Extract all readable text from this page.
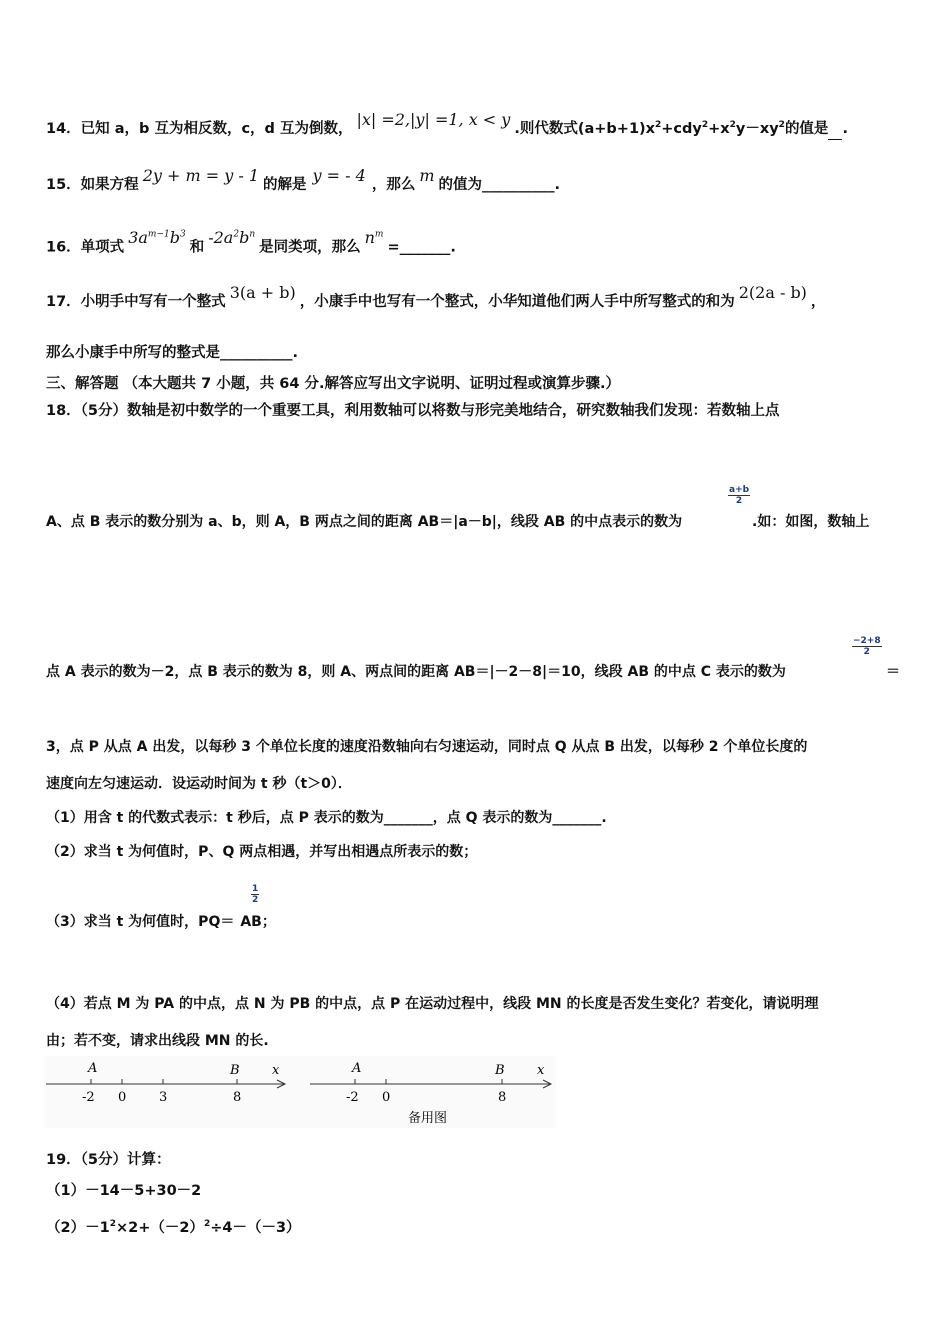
14．已知 a，b 互为相反数，c，d 互为倒数， |x| =2,|y| =1, x < y .则代数式$(a+b+1)x^2+cdy^2+x^2y-xy^2$的值是 .
15．如果方程 2y + m = y - 1 的解是 y = - 4 ，那么 m 的值为__________.
16．单项式 $3a^{m-1}b^3$和 $-2a^2b^n$是同类项，那么 $n^m=\_\_\_\_\_\_\_$.
17．小明手中写有一个整式 3(a + b) ，小康手中也写有一个整式，小华知道他们两人手中所写整式的和为 2(2a - b) ，
那么小康手中所写的整式是__________.
三、解答题 （本大题共 7 小题，共 64 分.解答应写出文字说明、证明过程或演算步骤.）
18．（5分）数轴是初中数学的一个重要工具，利用数轴可以将数与形完美地结合，研究数轴我们发现：若数轴上点
A、点 B 表示的数分别为 a、b，则 A，B 两点之间的距离 AB＝|a－b|，线段 AB 的中点表示的数为
$\frac{a+b}{2}$
.如：如图，数轴上
点 A 表示的数为－2，点 B 表示的数为 8，则 A、两点间的距离 AB＝|－2－8|＝10，线段 AB 的中点 C 表示的数为
$\frac{-2+8}{2}$
＝
3，点 P 从点 A 出发，以每秒 3 个单位长度的速度沿数轴向右匀速运动，同时点 Q 从点 B 出发，以每秒 2 个单位长度的
速度向左匀速运动．设运动时间为 t 秒（t＞0）．
（1）用含 t 的代数式表示：t 秒后，点 P 表示的数为_______，点 Q 表示的数为_______.
（2）求当 t 为何值时，P、Q 两点相遇，并写出相遇点所表示的数；
$\frac{1}{2}$
（3）求当 t 为何值时，PQ＝ AB；
（4）若点 M 为 PA 的中点，点 N 为 PB 的中点，点 P 在运动过程中，线段 MN 的长度是否发生变化？若变化，请说明理
由；若不变，请求出线段 MN 的长.
A	B x
-2 0	3	8
A	B x
-2 0	8
备用图
19．（5分）计算：
（1）－14－5+30－2
$(2)-1^2\times 2+(-2)^2\div 4-(-3)$
